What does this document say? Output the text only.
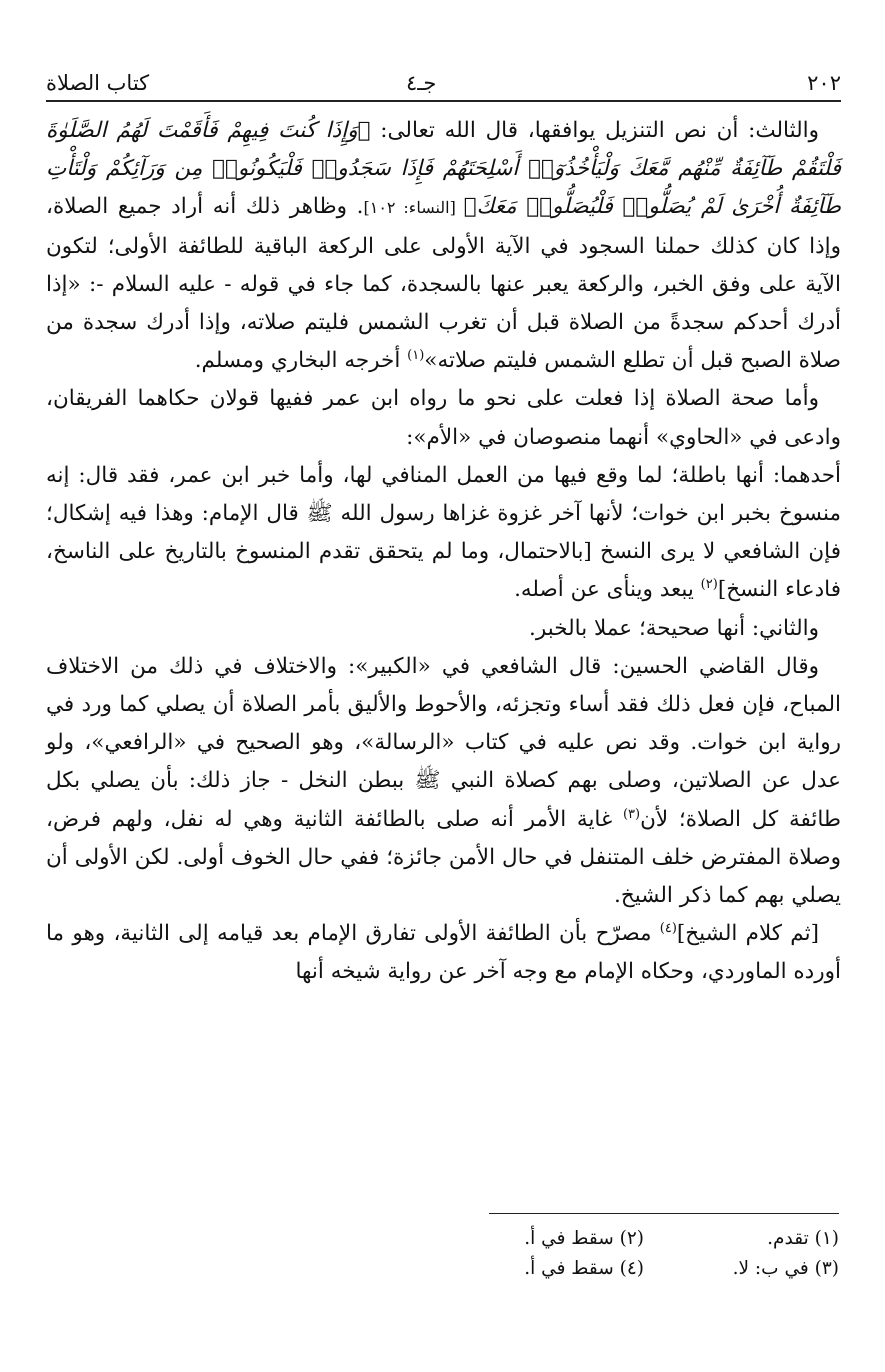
٢٠٢
جـ٤
كتاب الصلاة

والثالث: أن نص التنزيل يوافقها، قال الله تعالى: ﴿وَإِذَا كُنتَ فِيهِمْ فَأَقَمْتَ لَهُمُ الصَّلَوٰةَ فَلْتَقُمْ طَآئِفَةٌ مِّنْهُم مَّعَكَ وَلْيَأْخُذُوٓا۟ أَسْلِحَتَهُمْ فَإِذَا سَجَدُوا۟ فَلْيَكُونُوا۟ مِن وَرَآئِكُمْ وَلْتَأْتِ طَآئِفَةٌ أُخْرَىٰ لَمْ يُصَلُّوا۟ فَلْيُصَلُّوا۟ مَعَكَ﴾ [النساء: ١٠٢]. وظاهر ذلك أنه أراد جميع الصلاة، وإذا كان كذلك حملنا السجود في الآية الأولى على الركعة الباقية للطائفة الأولى؛ لتكون الآية على وفق الخبر، والركعة يعبر عنها بالسجدة، كما جاء في قوله - عليه السلام -: «إذا أدرك أحدكم سجدةً من الصلاة قبل أن تغرب الشمس فليتم صلاته، وإذا أدرك سجدة من صلاة الصبح قبل أن تطلع الشمس فليتم صلاته»$^{(١)}$ أخرجه البخاري ومسلم.

وأما صحة الصلاة إذا فعلت على نحو ما رواه ابن عمر ففيها قولان حكاهما الفريقان، وادعى في «الحاوي» أنهما منصوصان في «الأم»:

أحدهما: أنها باطلة؛ لما وقع فيها من العمل المنافي لها، وأما خبر ابن عمر، فقد قال: إنه منسوخ بخبر ابن خوات؛ لأنها آخر غزوة غزاها رسول الله ﷺ قال الإمام: وهذا فيه إشكال؛ فإن الشافعي لا يرى النسخ [بالاحتمال، وما لم يتحقق تقدم المنسوخ بالتاريخ على الناسخ، فادعاء النسخ]$^{(٢)}$ يبعد وينأى عن أصله.

والثاني: أنها صحيحة؛ عملا بالخبر.

وقال القاضي الحسين: قال الشافعي في «الكبير»: والاختلاف في ذلك من الاختلاف المباح، فإن فعل ذلك فقد أساء وتجزئه، والأحوط والأليق بأمر الصلاة أن يصلي كما ورد في رواية ابن خوات. وقد نص عليه في كتاب «الرسالة»، وهو الصحيح في «الرافعي»، ولو عدل عن الصلاتين، وصلى بهم كصلاة النبي ﷺ ببطن النخل - جاز ذلك: بأن يصلي بكل طائفة كل الصلاة؛ لأن$^{(٣)}$ غاية الأمر أنه صلى بالطائفة الثانية وهي له نفل، ولهم فرض، وصلاة المفترض خلف المتنفل في حال الأمن جائزة؛ ففي حال الخوف أولى. لكن الأولى أن يصلي بهم كما ذكر الشيخ.

[ثم كلام الشيخ]$^{(٤)}$ مصرّح بأن الطائفة الأولى تفارق الإمام بعد قيامه إلى الثانية، وهو ما أورده الماوردي، وحكاه الإمام مع وجه آخر عن رواية شيخه أنها

(١) تقدم.
(٢) سقط في أ.
(٣) في ب: لا.
(٤) سقط في أ.
